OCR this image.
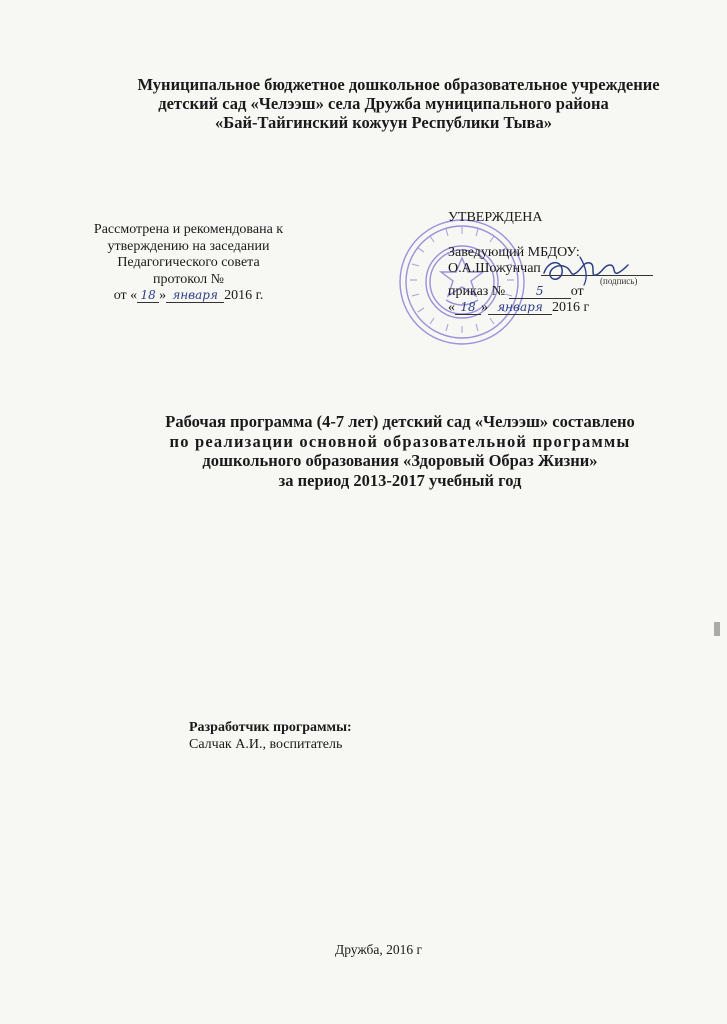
Муниципальное бюджетное дошкольное образовательное учреждение
детский сад «Челээш» села Дружба муниципального района
«Бай-Тайгинский кожуун Республики Тыва»
Рассмотрена и рекомендована к
утверждению на заседании
Педагогического совета
протокол №
от « 18 » января 2016 г.
УТВЕРЖДЕНА
Заведующий МБДОУ:
О.А.Шожунчап
приказ №	5 от
« 18 » января 2016 г
(подпись)
Рабочая программа (4-7 лет) детский сад «Челээш» составлено
по реализации основной образовательной программы
дошкольного образования «Здоровый Образ Жизни»
за период 2013-2017 учебный год
Разработчик программы:
Салчак А.И., воспитатель
Дружба, 2016 г
